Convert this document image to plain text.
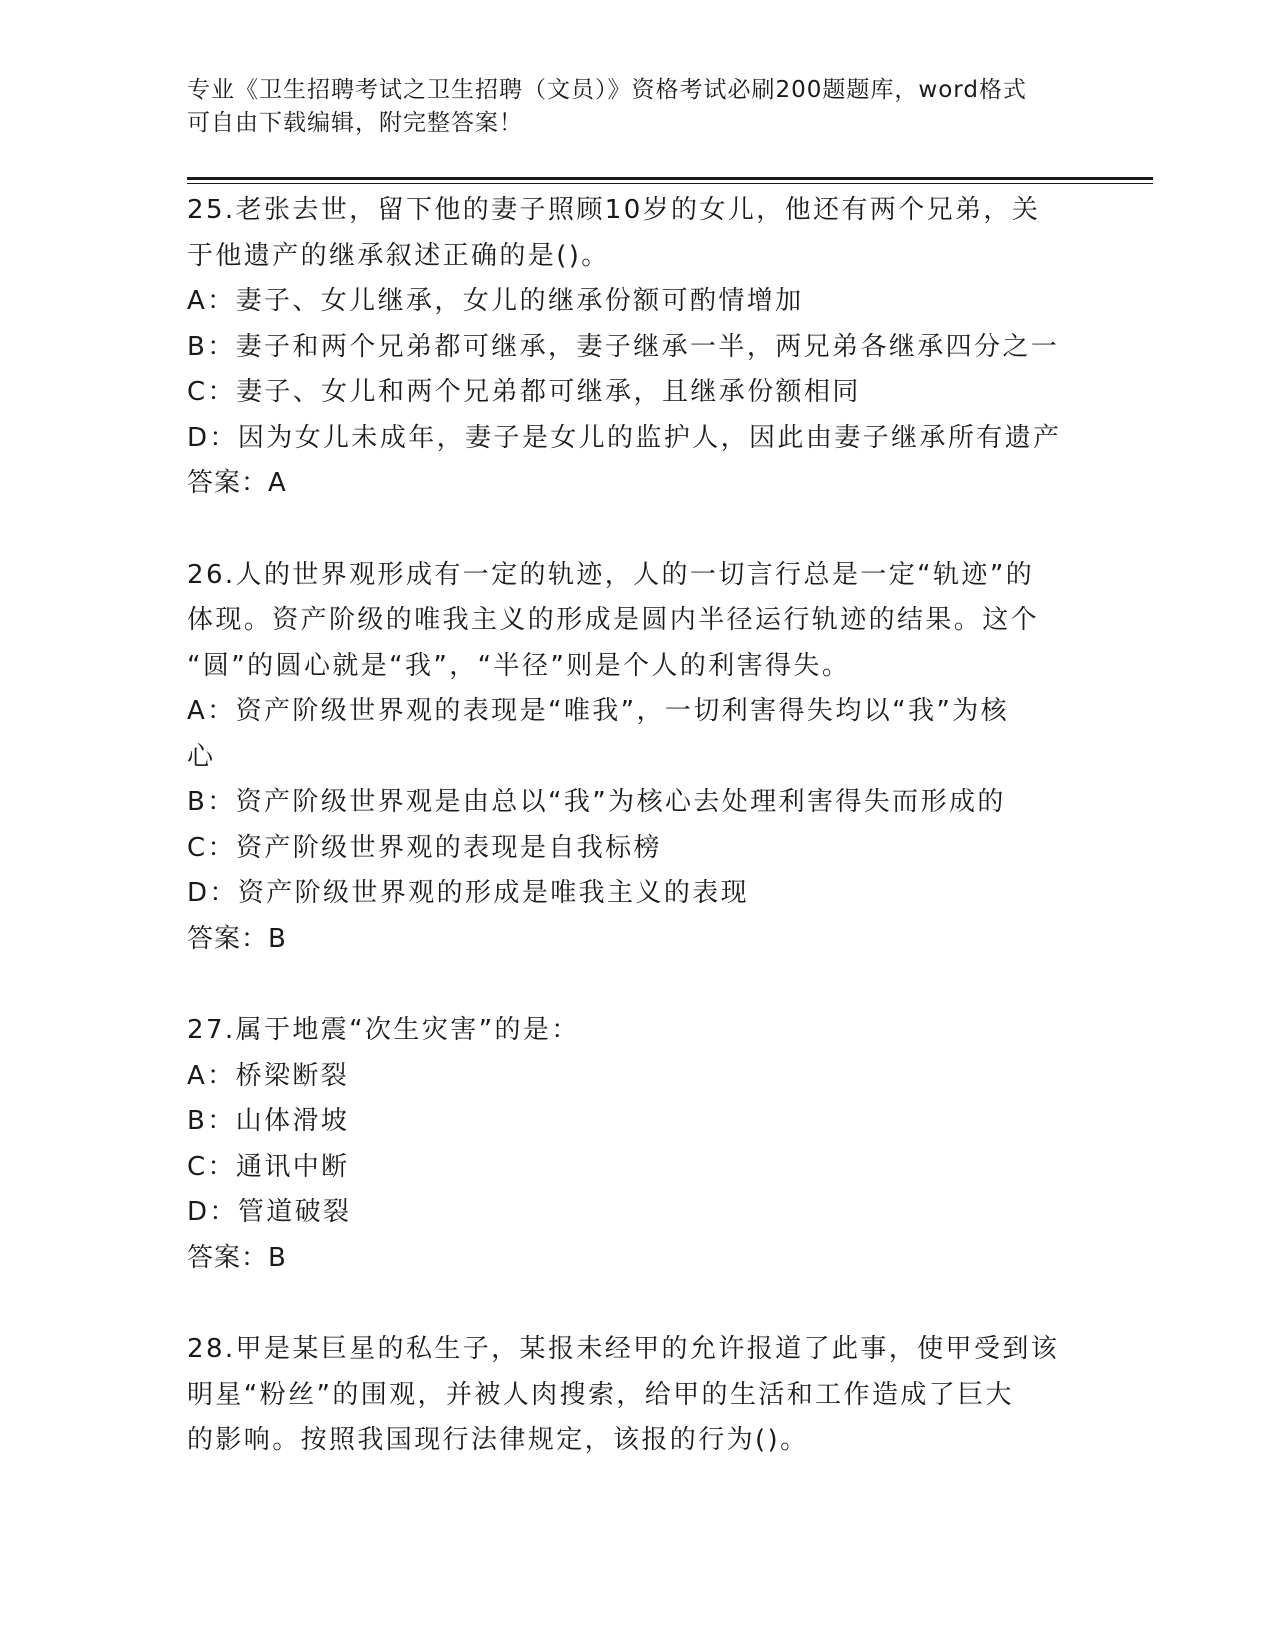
专业《卫生招聘考试之卫生招聘（文员）》资格考试必刷200题题库，word格式
可自由下载编辑，附完整答案！
25.老张去世，留下他的妻子照顾10岁的女儿，他还有两个兄弟，关
于他遗产的继承叙述正确的是()。
A：妻子、女儿继承，女儿的继承份额可酌情增加
B：妻子和两个兄弟都可继承，妻子继承一半，两兄弟各继承四分之一
C：妻子、女儿和两个兄弟都可继承，且继承份额相同
D：因为女儿未成年，妻子是女儿的监护人，因此由妻子继承所有遗产
答案：A
26.人的世界观形成有一定的轨迹，人的一切言行总是一定“轨迹”的
体现。资产阶级的唯我主义的形成是圆内半径运行轨迹的结果。这个
“圆”的圆心就是“我”，“半径”则是个人的利害得失。
A：资产阶级世界观的表现是“唯我”，一切利害得失均以“我”为核
心
B：资产阶级世界观是由总以“我”为核心去处理利害得失而形成的
C：资产阶级世界观的表现是自我标榜
D：资产阶级世界观的形成是唯我主义的表现
答案：B
27.属于地震“次生灾害”的是：
A：桥梁断裂
B：山体滑坡
C：通讯中断
D：管道破裂
答案：B
28.甲是某巨星的私生子，某报未经甲的允许报道了此事，使甲受到该
明星“粉丝”的围观，并被人肉搜索，给甲的生活和工作造成了巨大
的影响。按照我国现行法律规定，该报的行为()。
